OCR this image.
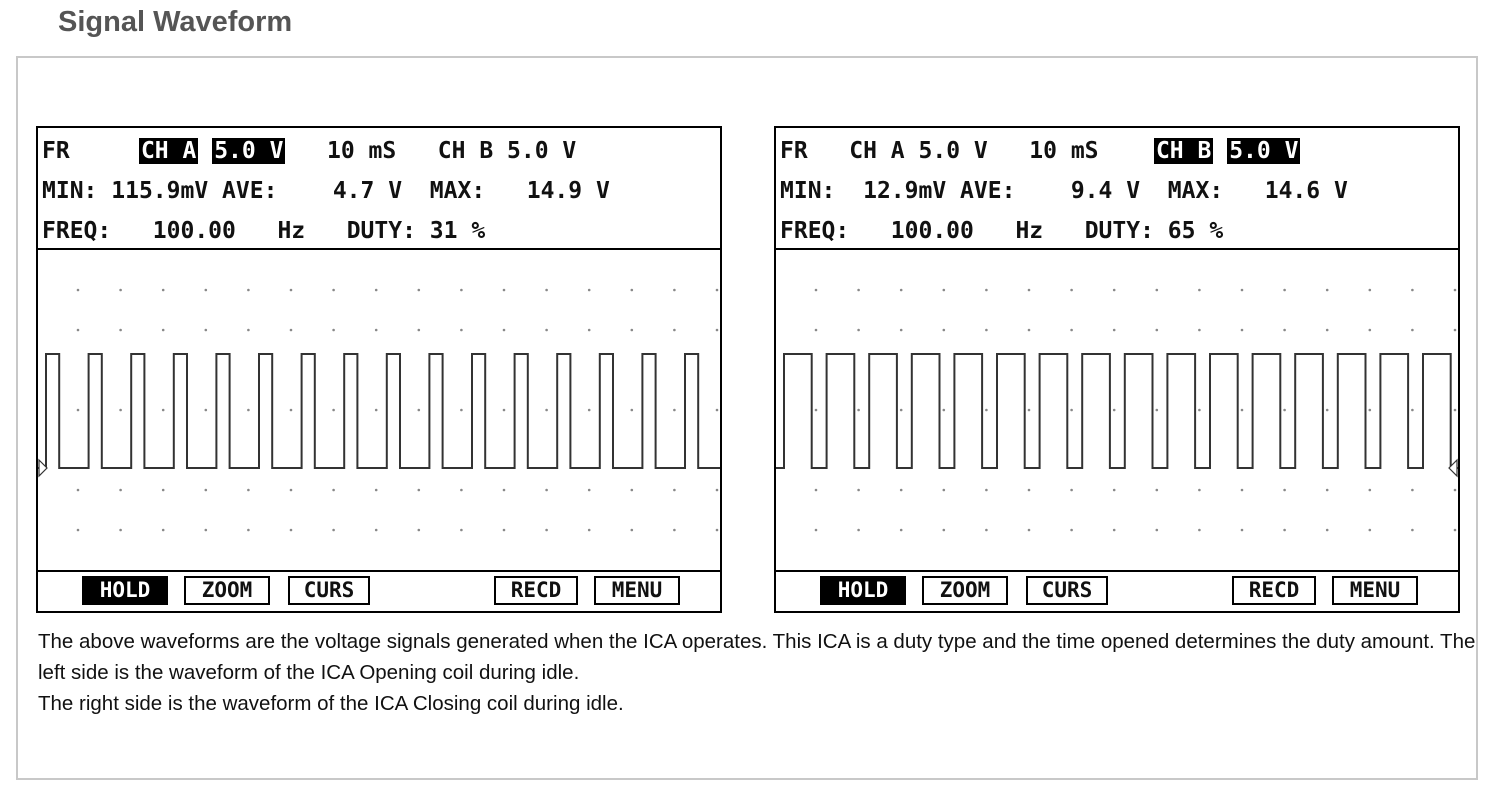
Signal Waveform
FR	CH A 5.0 V 10 mS CH B 5.0 V
MIN: 115.9mV AVE: 4.7 V MAX: 14.9 V
FREQ: 100.00 Hz DUTY: 31 %
HOLD	ZOOM	CURS	RECD	MENU
FR CH A 5.0 V 10 mS CH B 5.0 V
MIN: 12.9mV AVE: 9.4 V MAX: 14.6 V
FREQ: 100.00 Hz DUTY: 65 %
HOLD	ZOOM	CURS	RECD	MENU

The above waveforms are the voltage signals generated when the ICA operates. This ICA is a duty type and the time opened determines the duty amount. The left side is the waveform of the ICA Opening coil during idle.

The right side is the waveform of the ICA Closing coil during idle.
